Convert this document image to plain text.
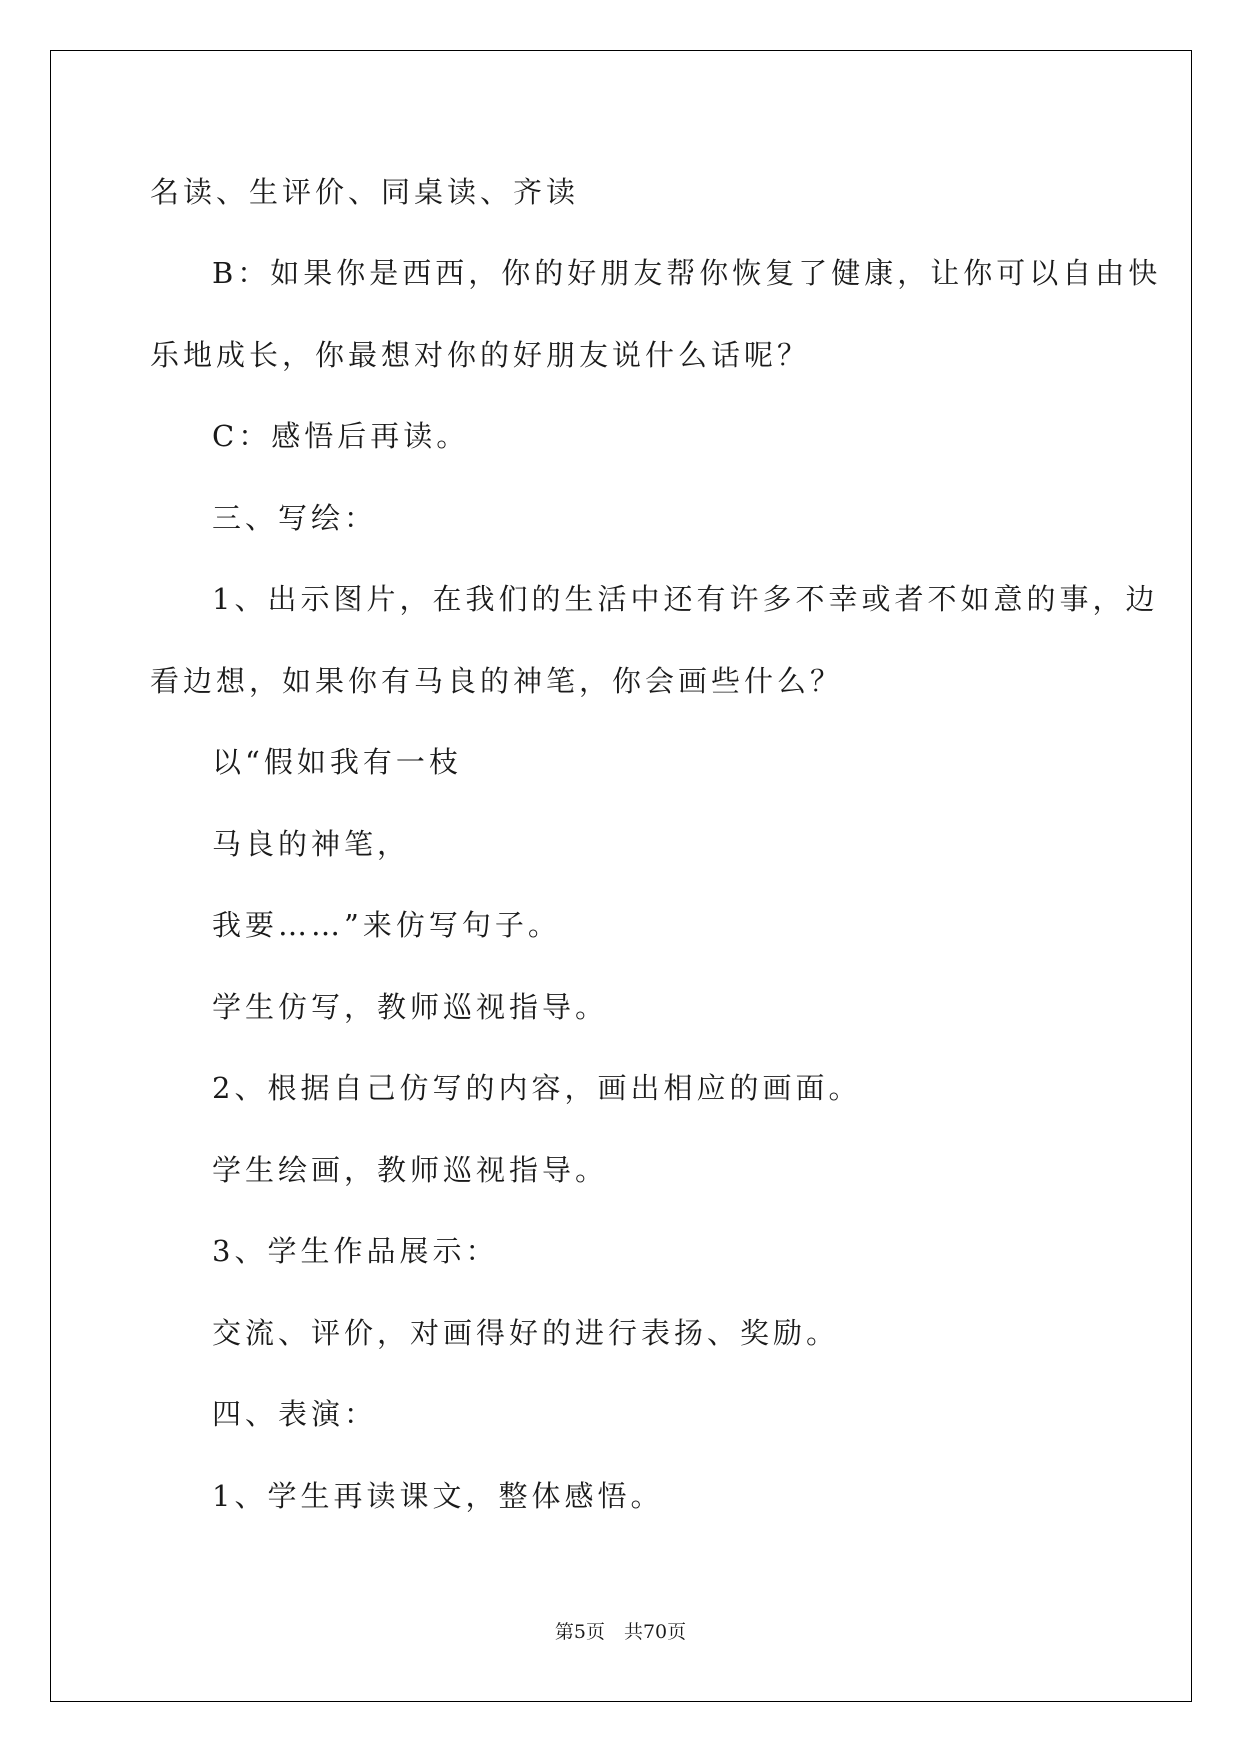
名读、生评价、同桌读、齐读
B：如果你是西西，你的好朋友帮你恢复了健康，让你可以自由快
乐地成长，你最想对你的好朋友说什么话呢？
C：感悟后再读。
三、写绘：
1、出示图片，在我们的生活中还有许多不幸或者不如意的事，边
看边想，如果你有马良的神笔，你会画些什么？
以“假如我有一枝
马良的神笔，
我要……”来仿写句子。
学生仿写，教师巡视指导。
2、根据自己仿写的内容，画出相应的画面。
学生绘画，教师巡视指导。
3、学生作品展示：
交流、评价，对画得好的进行表扬、奖励。
四、表演：
1、学生再读课文，整体感悟。
第5页　共70页
